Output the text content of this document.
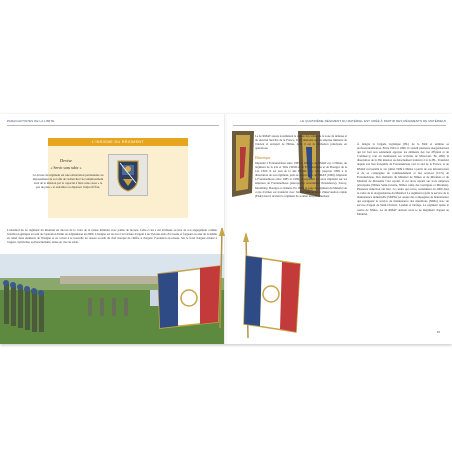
PARACHUTISTES DE LA LIMITE
L'INSIGNE DU RÉGIMENT
Devise
« Servir sans subir »
La devise du régiment est une exhortation permanente au dépassement de soi afin de rechercher l'accomplissement total de la mission par la capacité à faire sans cesse « le pas de plus » et entraîner ou dépasser l'objectif fixé.
L'étendard du 4e régiment du Matériel est décoré de la croix de la valeur militaire avec palme de bronze. Celle-ci lui a été attribuée au titre de son engagement comme bataillon logistique au sein de l'opération Pamir en Afghanistan en 2009. L'insigne est un écu à la bordure d'argent à un Vulcain assis d'or issant et forgeant en azur de la même en relief deux éléments de l'insigne et en volant à la nouvelle un oiseau au mât du chef marqué de chiffre 4 d'argent. Fondation au réseau. Sur le fond d'argent éclairé à l'argent. Symbolise au Parachutisme, tenue en rive de sable.
LE QUATRIÈME RÉGIMENT DU MATÉRIEL EST CRÉÉ À PARTIR DES RÉGIMENTS DE MATÉRIELS
Le 4e RMAT assure notamment la remise des unités de la zone de défense et de sécurité Sud-Est de la France. Il est implanté sur un emprise militaire de l'ancien et entrepôt de Nîmes, dont il est la formation principale en opérations.
Historique
Implanté à Fontainebleau entre 1985 et 1999, le 4e RMAT est, à Nîmes, un régiment de la 43e et 302e CRMCA de Fontainebleau et de Bourges de la 12e CMT. Il est issu de la 44e BMAT. Il y reste jusqu'en 1998, à la dissolution de son régiment, puis au départ de la 4e RMAT (1999). Implanté à Fontainebleau entre 1985 et 1999, le régiment est alors implanté sur les emprises de Fontainebleau (entreposant notamment l'intendance), Satory, Montlhéry, Bourges et Orléans. En 1996, le page du régiment du Matériel de corps d'armée est transféré avec l'entité dans le futur d'intervention rapide (FAR) dont il devient le régiment de soutien des parachutistes.
À intégré la brigade logistique (BL) de la FAR et termine sa professionnalisation. Entre 1991 et 1996, il connaît plusieurs réorganisations qui lui font non seulement appuyer les éléments des ton d'Épinal et de Commercy, tout en maintenant ses activités de Mirecourt. En 1999, la dissolution de la 38e mission au détachement transfert à la 2e BL. Transféré depuis son lieu tranquille de Fontainebleau vers le sud de la France, le 4e RMAT est installé le 1er juillet 1999 à Nîmes à partir de son infrastructure et de sa compagnie de commandement et des services (CCS) de Fontainebleau. Des éléments du Matériel de Nîmes et de Miramas et du Matériel de Marseille l'ont rejoint. Il est alors réparti sur trois emprises principales (Nîmes Saint-Césaire, Nîmes camp des Garrigues et Miramas). Plusieurs réduction ont lieu : le centre qui ouvre, notamment en 2009 dans le cadre de la réorganisation du Matériel. Le régiment rejoint le service de la maintenance industrielle (SMITer) et assure des compagnies de maintenance qui rejoignent le service de maintenance des munitions (SIMu) avec un service d'appui de Saint-Christol, Laudun et Orange. Le régiment quitte le centre de Nîmes. Le 4e RMAT devient alors le 4e Régiment d'appui au Matériel.
35
